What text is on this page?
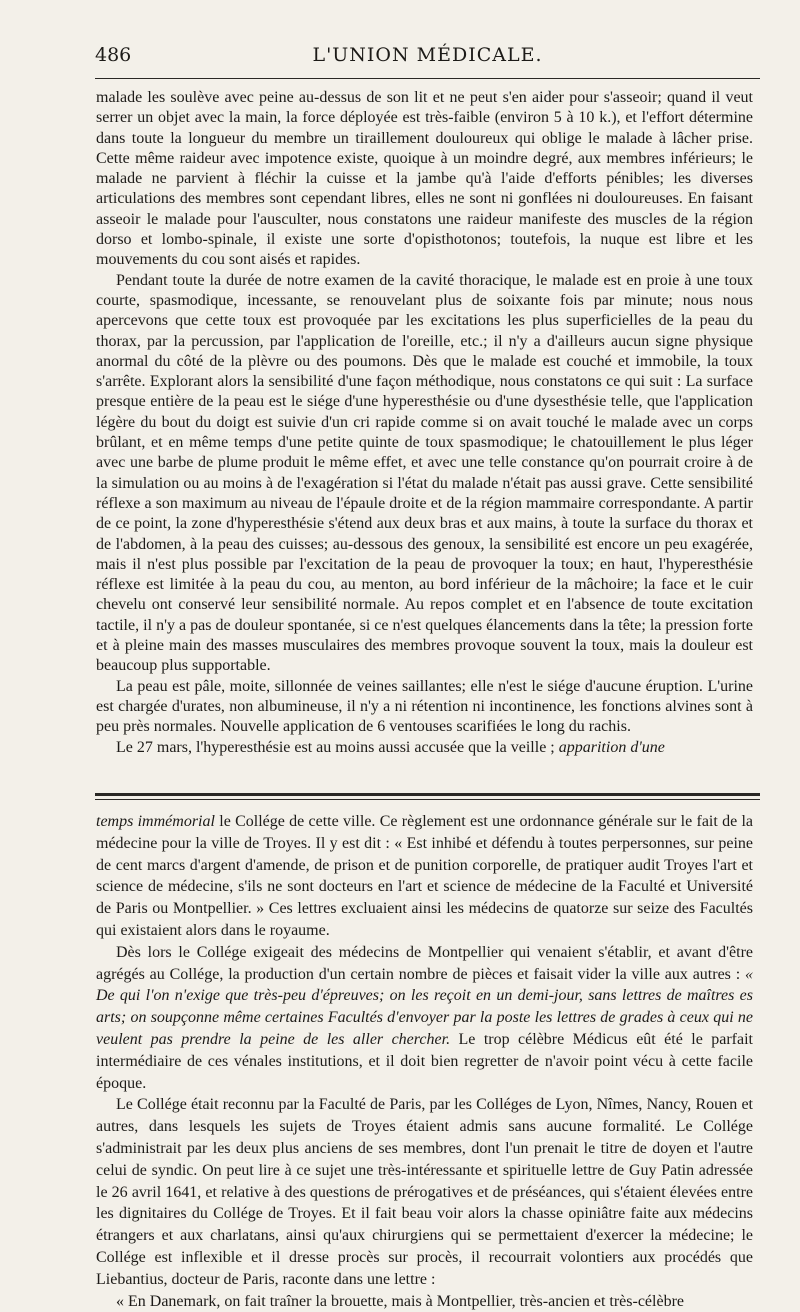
486	L'UNION MÉDICALE.

malade les soulève avec peine au-dessus de son lit et ne peut s'en aider pour s'asseoir; quand il veut serrer un objet avec la main, la force déployée est très-faible (environ 5 à 10 k.), et l'effort détermine dans toute la longueur du membre un tiraillement douloureux qui oblige le malade à lâcher prise. Cette même raideur avec impotence existe, quoique à un moindre degré, aux membres inférieurs; le malade ne parvient à fléchir la cuisse et la jambe qu'à l'aide d'efforts pénibles; les diverses articulations des membres sont cependant libres, elles ne sont ni gonflées ni douloureuses. En faisant asseoir le malade pour l'ausculter, nous constatons une raideur manifeste des muscles de la région dorso et lombo-spinale, il existe une sorte d'opisthotonos; toutefois, la nuque est libre et les mouvements du cou sont aisés et rapides.

Pendant toute la durée de notre examen de la cavité thoracique, le malade est en proie à une toux courte, spasmodique, incessante, se renouvelant plus de soixante fois par minute; nous nous apercevons que cette toux est provoquée par les excitations les plus superficielles de la peau du thorax, par la percussion, par l'application de l'oreille, etc.; il n'y a d'ailleurs aucun signe physique anormal du côté de la plèvre ou des poumons. Dès que le malade est couché et immobile, la toux s'arrête. Explorant alors la sensibilité d'une façon méthodique, nous constatons ce qui suit : La surface presque entière de la peau est le siége d'une hyperesthésie ou d'une dysesthésie telle, que l'application légère du bout du doigt est suivie d'un cri rapide comme si on avait touché le malade avec un corps brûlant, et en même temps d'une petite quinte de toux spasmodique; le chatouillement le plus léger avec une barbe de plume produit le même effet, et avec une telle constance qu'on pourrait croire à de la simulation ou au moins à de l'exagération si l'état du malade n'était pas aussi grave. Cette sensibilité réflexe a son maximum au niveau de l'épaule droite et de la région mammaire correspondante. A partir de ce point, la zone d'hyperesthésie s'étend aux deux bras et aux mains, à toute la surface du thorax et de l'abdomen, à la peau des cuisses; au-dessous des genoux, la sensibilité est encore un peu exagérée, mais il n'est plus possible par l'excitation de la peau de provoquer la toux; en haut, l'hyperesthésie réflexe est limitée à la peau du cou, au menton, au bord inférieur de la mâchoire; la face et le cuir chevelu ont conservé leur sensibilité normale. Au repos complet et en l'absence de toute excitation tactile, il n'y a pas de douleur spontanée, si ce n'est quelques élancements dans la tête; la pression forte et à pleine main des masses musculaires des membres provoque souvent la toux, mais la douleur est beaucoup plus supportable.

La peau est pâle, moite, sillonnée de veines saillantes; elle n'est le siége d'aucune éruption. L'urine est chargée d'urates, non albumineuse, il n'y a ni rétention ni incontinence, les fonctions alvines sont à peu près normales. Nouvelle application de 6 ventouses scarifiées le long du rachis.

Le 27 mars, l'hyperesthésie est au moins aussi accusée que la veille ; apparition d'une

temps immémorial le Collége de cette ville. Ce règlement est une ordonnance générale sur le fait de la médecine pour la ville de Troyes. Il y est dit : « Est inhibé et défendu à toutes perpersonnes, sur peine de cent marcs d'argent d'amende, de prison et de punition corporelle, de pratiquer audit Troyes l'art et science de médecine, s'ils ne sont docteurs en l'art et science de médecine de la Faculté et Université de Paris ou Montpellier. » Ces lettres excluaient ainsi les médecins de quatorze sur seize des Facultés qui existaient alors dans le royaume.

Dès lors le Collége exigeait des médecins de Montpellier qui venaient s'établir, et avant d'être agrégés au Collége, la production d'un certain nombre de pièces et faisait vider la ville aux autres : « De qui l'on n'exige que très-peu d'épreuves; on les reçoit en un demi-jour, sans lettres de maîtres es arts; on soupçonne même certaines Facultés d'envoyer par la poste les lettres de grades à ceux qui ne veulent pas prendre la peine de les aller chercher. Le trop célèbre Médicus eût été le parfait intermédiaire de ces vénales institutions, et il doit bien regretter de n'avoir point vécu à cette facile époque.

Le Collége était reconnu par la Faculté de Paris, par les Colléges de Lyon, Nîmes, Nancy, Rouen et autres, dans lesquels les sujets de Troyes étaient admis sans aucune formalité. Le Collége s'administrait par les deux plus anciens de ses membres, dont l'un prenait le titre de doyen et l'autre celui de syndic. On peut lire à ce sujet une très-intéressante et spirituelle lettre de Guy Patin adressée le 26 avril 1641, et relative à des questions de prérogatives et de préséances, qui s'étaient élevées entre les dignitaires du Collége de Troyes. Et il fait beau voir alors la chasse opiniâtre faite aux médecins étrangers et aux charlatans, ainsi qu'aux chirurgiens qui se permettaient d'exercer la médecine; le Collége est inflexible et il dresse procès sur procès, il recourrait volontiers aux procédés que Liebantius, docteur de Paris, raconte dans une lettre :

« En Danemark, on fait traîner la brouette, mais à Montpellier, très-ancien et très-célèbre
